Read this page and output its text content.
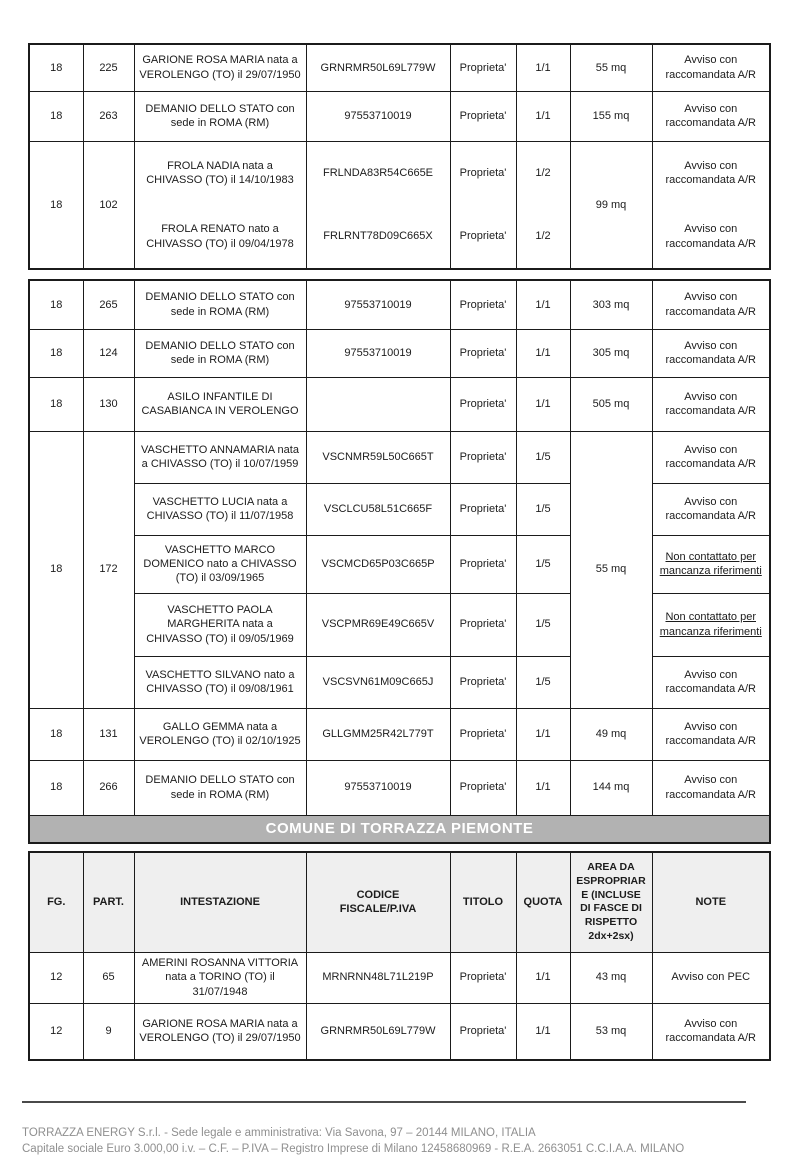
18	225	GARIONE ROSA MARIA nata a VEROLENGO (TO) il 29/07/1950	GRNRMR50L69L779W	Proprieta'	1/1	55 mq	Avviso con raccomandata A/R
18	263	DEMANIO DELLO STATO con sede in ROMA (RM)	97553710019	Proprieta'	1/1	155 mq	Avviso con raccomandata A/R
18	102	FROLA NADIA nata a CHIVASSO (TO) il 14/10/1983	FRLNDA83R54C665E	Proprieta'	1/2	99 mq	Avviso con raccomandata A/R
		FROLA RENATO nato a CHIVASSO (TO) il 09/04/1978	FRLRNT78D09C665X	Proprieta'	1/2		Avviso con raccomandata A/R
18	265	DEMANIO DELLO STATO con sede in ROMA (RM)	97553710019	Proprieta'	1/1	303 mq	Avviso con raccomandata A/R
18	124	DEMANIO DELLO STATO con sede in ROMA (RM)	97553710019	Proprieta'	1/1	305 mq	Avviso con raccomandata A/R
18	130	ASILO INFANTILE DI CASABIANCA IN VEROLENGO		Proprieta'	1/1	505 mq	Avviso con raccomandata A/R
18	172	VASCHETTO ANNAMARIA nata a CHIVASSO (TO) il 10/07/1959	VSCNMR59L50C665T	Proprieta'	1/5	55 mq	Avviso con raccomandata A/R
		VASCHETTO LUCIA nata a CHIVASSO (TO) il 11/07/1958	VSCLCU58L51C665F	Proprieta'	1/5		Avviso con raccomandata A/R
		VASCHETTO MARCO DOMENICO nato a CHIVASSO (TO) il 03/09/1965	VSCMCD65P03C665P	Proprieta'	1/5		Non contattato per mancanza riferimenti
		VASCHETTO PAOLA MARGHERITA nata a CHIVASSO (TO) il 09/05/1969	VSCPMR69E49C665V	Proprieta'	1/5		Non contattato per mancanza riferimenti
		VASCHETTO SILVANO nato a CHIVASSO (TO) il 09/08/1961	VSCSVN61M09C665J	Proprieta'	1/5		Avviso con raccomandata A/R
18	131	GALLO GEMMA nata a VEROLENGO (TO) il 02/10/1925	GLLGMM25R42L779T	Proprieta'	1/1	49 mq	Avviso con raccomandata A/R
18	266	DEMANIO DELLO STATO con sede in ROMA (RM)	97553710019	Proprieta'	1/1	144 mq	Avviso con raccomandata A/R
COMUNE DI TORRAZZA PIEMONTE							
FG.	PART.	INTESTAZIONE	CODICE FISCALE/P.IVA	TITOLO	QUOTA	AREA DA ESPROPRIARE (INCLUSE DI FASCE DI RISPETTO 2dx+2sx)	NOTE
12	65	AMERINI ROSANNA VITTORIA nata a TORINO (TO) il 31/07/1948	MRNRNN48L71L219P	Proprieta'	1/1	43 mq	Avviso con PEC
12	9	GARIONE ROSA MARIA nata a VEROLENGO (TO) il 29/07/1950	GRNRMR50L69L779W	Proprieta'	1/1	53 mq	Avviso con raccomandata A/R

TORRAZZA ENERGY S.r.l. - Sede legale e amministrativa: Via Savona, 97 – 20144 MILANO, ITALIA

Capitale sociale Euro 3.000,00 i.v. – C.F. – P.IVA – Registro Imprese di Milano 12458680969 - R.E.A. 2663051 C.C.I.A.A. MILANO
